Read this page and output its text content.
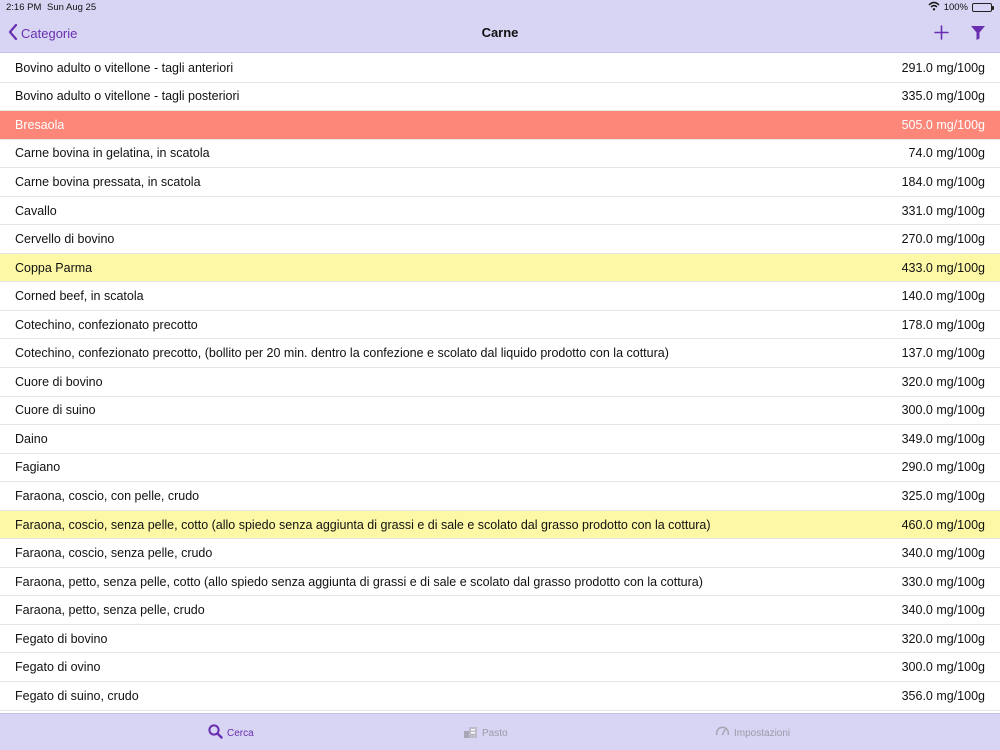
2:16 PM Sun Aug 25	100%
Categorie	Carne
Bovino adulto o vitellone - tagli anteriori	291.0 mg/100g
Bovino adulto o vitellone - tagli posteriori	335.0 mg/100g
Bresaola	505.0 mg/100g
Carne bovina in gelatina, in scatola	74.0 mg/100g
Carne bovina pressata, in scatola	184.0 mg/100g
Cavallo	331.0 mg/100g
Cervello di bovino	270.0 mg/100g
Coppa Parma	433.0 mg/100g
Corned beef, in scatola	140.0 mg/100g
Cotechino, confezionato precotto	178.0 mg/100g
Cotechino, confezionato precotto, (bollito per 20 min. dentro la confezione e scolato dal liquido prodotto con la cottura)	137.0 mg/100g
Cuore di bovino	320.0 mg/100g
Cuore di suino	300.0 mg/100g
Daino	349.0 mg/100g
Fagiano	290.0 mg/100g
Faraona, coscio, con pelle, crudo	325.0 mg/100g
Faraona, coscio, senza pelle, cotto (allo spiedo senza aggiunta di grassi e di sale e scolato dal grasso prodotto con la cottura)	460.0 mg/100g
Faraona, coscio, senza pelle, crudo	340.0 mg/100g
Faraona, petto, senza pelle, cotto (allo spiedo senza aggiunta di grassi e di sale e scolato dal grasso prodotto con la cottura)	330.0 mg/100g
Faraona, petto, senza pelle, crudo	340.0 mg/100g
Fegato di bovino	320.0 mg/100g
Fegato di ovino	300.0 mg/100g
Fegato di suino, crudo	356.0 mg/100g
Cerca	Pasto	Impostazioni
